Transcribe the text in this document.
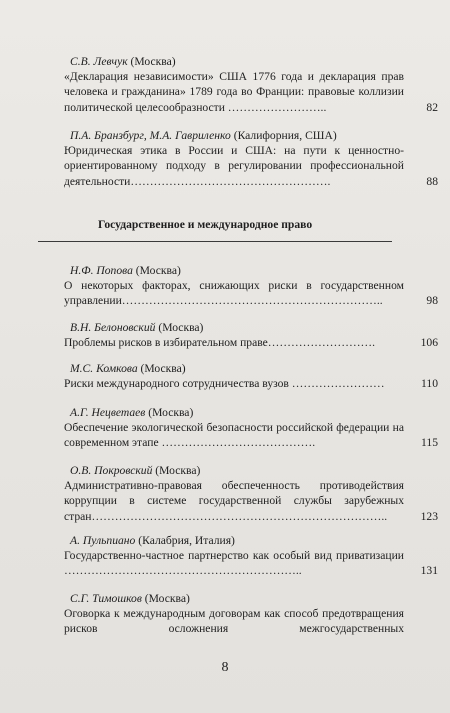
С.В. Левчук (Москва)
«Декларация независимости» США 1776 года и декларация прав человека и гражданина» 1789 года во Франции: правовые коллизии политической целесообразности ……………………..	82
П.А. Бранзбург, М.А. Гавриленко (Калифорния, США)
Юридическая этика в России и США: на пути к ценностно-ориентированному подходу в регулировании профессиональной деятельности…………………………………………….	88
Государственное и международное право
Н.Ф. Попова (Москва)
О некоторых факторах, снижающих риски в государственном управлении…………………………………………………………..	98
В.Н. Белоновский (Москва)
Проблемы рисков в избирательном праве……………………….	106
М.С. Комкова (Москва)
Риски международного сотрудничества вузов ……………………	110
А.Г. Нецветаев (Москва)
Обеспечение экологической безопасности российской федерации на современном этапе ………………………………….	115
О.В. Покровский (Москва)
Административно-правовая обеспеченность противодействия коррупции в системе государственной службы зарубежных стран…………………………………………………………………..	123
А. Пульпиано (Калабрия, Италия)
Государственно-частное партнерство как особый вид приватизации ……………………………………………………..	131
С.Г. Тимошков (Москва)
Оговорка к международным договорам как способ предотвращения рисков осложнения межгосударственных
8
